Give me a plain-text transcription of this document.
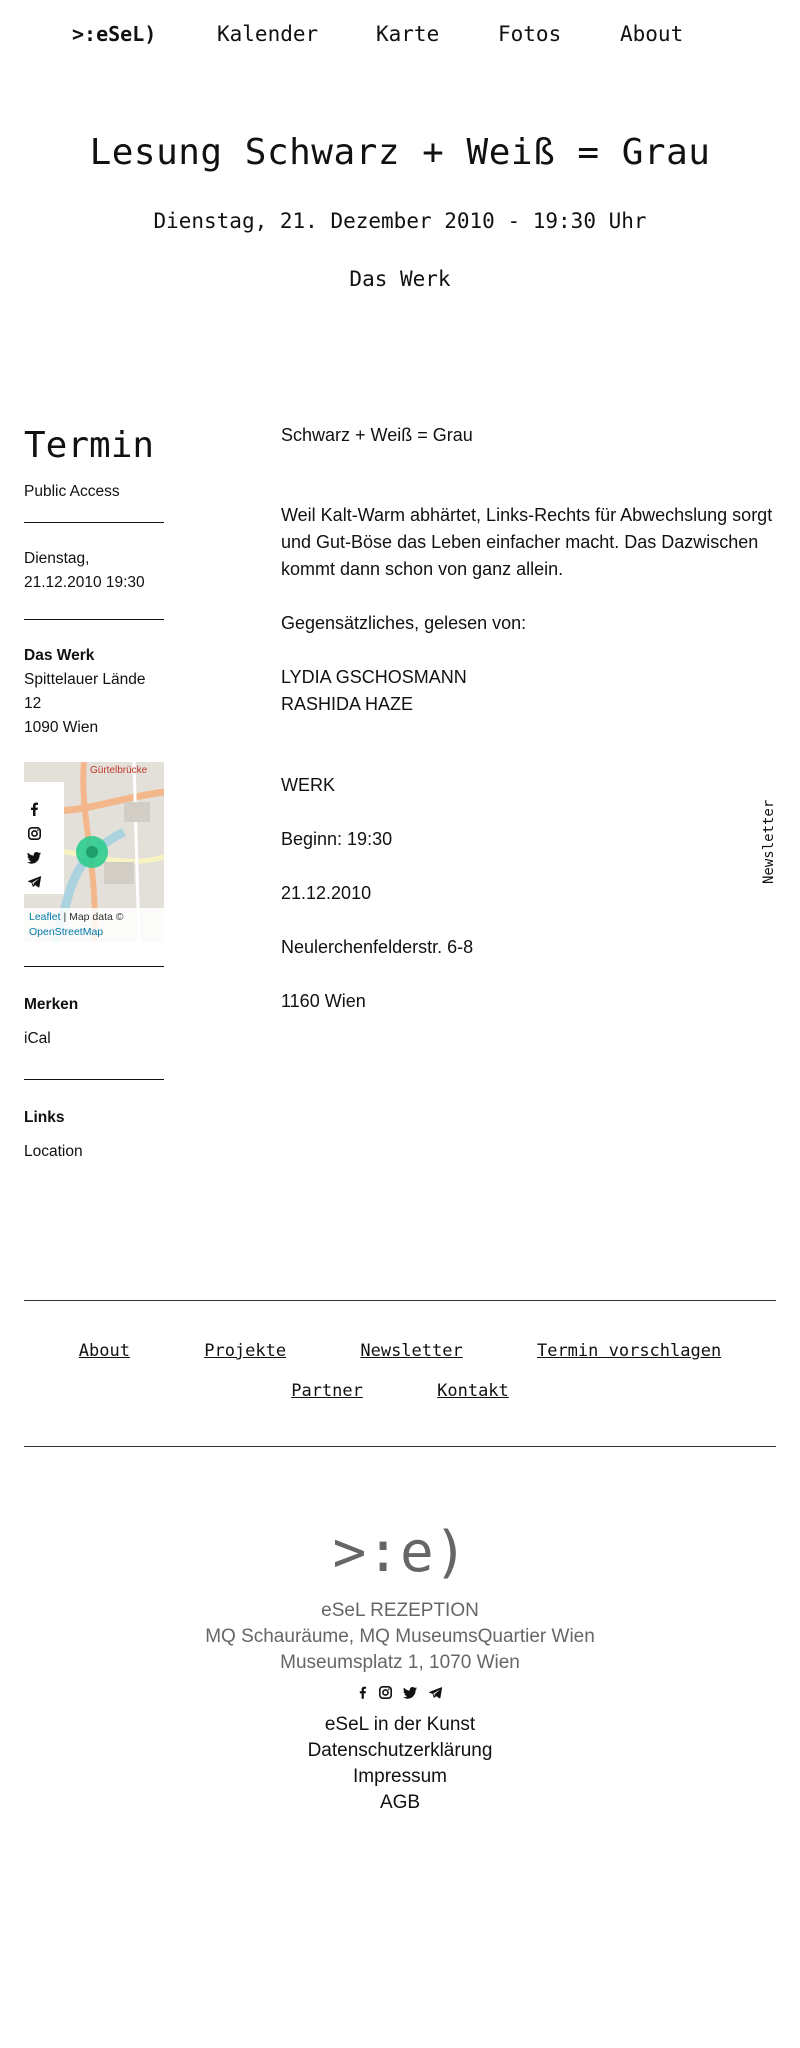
>:eSeL)	Kalender	Karte	Fotos	About
Lesung Schwarz + Weiß = Grau
Dienstag, 21. Dezember 2010 - 19:30 Uhr
Das Werk
Termin
Public Access
Dienstag,
21.12.2010 19:30
Das Werk
Spittelauer Lände
12
1090 Wien
Gürtelbrücke
Leaflet | Map data ©
OpenStreetMap
Merken
iCal
Links
Location

Schwarz + Weiß = Grau

Weil Kalt-Warm abhärtet, Links-Rechts für Abwechslung sorgt und Gut-Böse das Leben einfacher macht. Das Dazwischen kommt dann schon von ganz allein.

Gegensätzliches, gelesen von:

LYDIA GSCHOSMANN

RASHIDA HAZE

WERK

Beginn: 19:30

21.12.2010

Neulerchenfelderstr. 6-8

1160 Wien

Newsletter
About	Projekte	Newsletter	Termin vorschlagen
Partner	Kontakt
>:e)
eSeL REZEPTION
MQ Schauräume, MQ MuseumsQuartier Wien
Museumsplatz 1, 1070 Wien

eSeL in der Kunst
Datenschutzerklärung
Impressum
AGB
